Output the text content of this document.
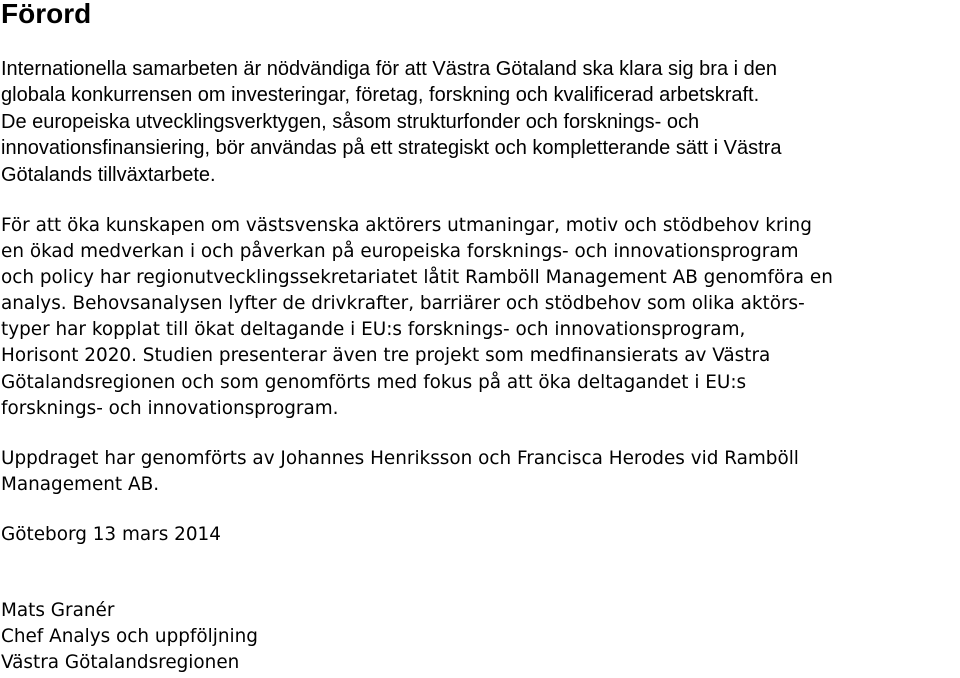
Förord

Internationella samarbeten är nödvändiga för att Västra Götaland ska klara sig bra i den
globala konkurrensen om investeringar, företag, forskning och kvalificerad arbetskraft.
De europeiska utvecklingsverktygen, såsom strukturfonder och forsknings- och
innovationsfinansiering, bör användas på ett strategiskt och kompletterande sätt i Västra
Götalands tillväxtarbete.

För att öka kunskapen om västsvenska aktörers utmaningar, motiv och stödbehov kring
en ökad medverkan i och påverkan på europeiska forsknings- och innovationsprogram
och policy har regionutvecklingssekretariatet låtit Ramböll Management AB genomföra en
analys. Behovsanalysen lyfter de drivkrafter, barriärer och stödbehov som olika aktörs-
typer har kopplat till ökat deltagande i EU:s forsknings- och innovationsprogram,
Horisont 2020. Studien presenterar även tre projekt som medfinansierats av Västra
Götalandsregionen och som genomförts med fokus på att öka deltagandet i EU:s
forsknings- och innovationsprogram.

Uppdraget har genomförts av Johannes Henriksson och Francisca Herodes vid Ramböll
Management AB.

Göteborg 13 mars 2014

Mats Granér
Chef Analys och uppföljning
Västra Götalandsregionen
